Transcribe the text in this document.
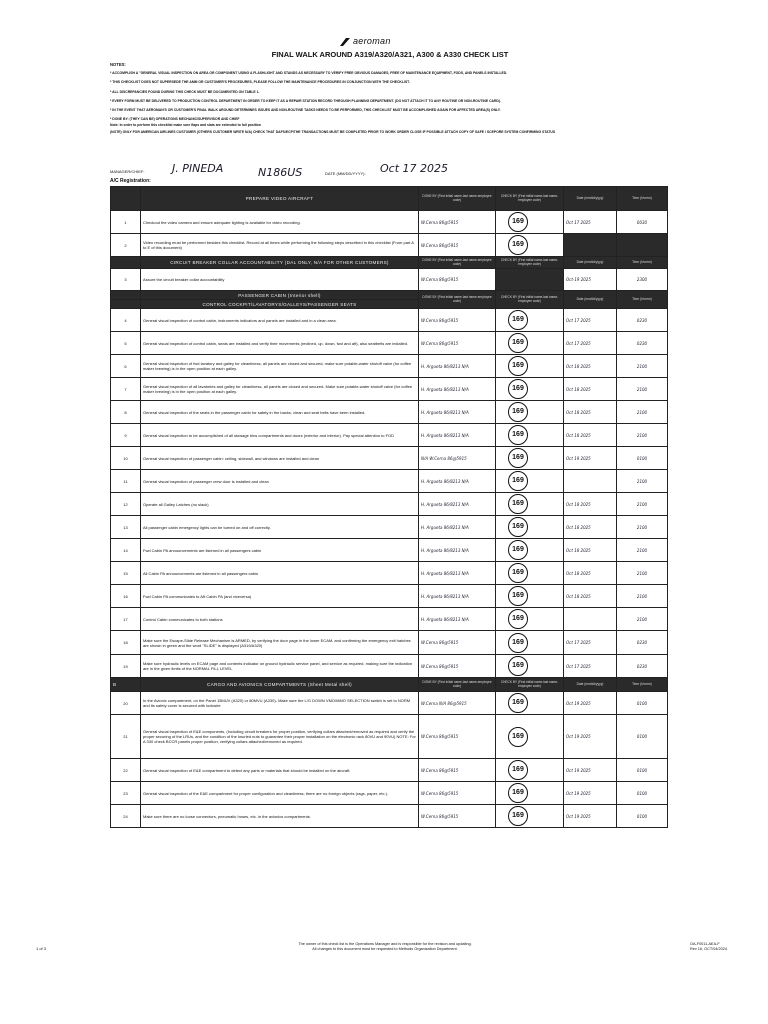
aeroman
FINAL WALK AROUND A319/A320/A321, A300 & A330 CHECK LIST

NOTES:

* ACCOMPLISH A "GENERAL VISUAL INSPECTION ON AREA OR COMPONENT USING A FLASHLIGHT AND STANDS AS NECESSARY TO VERIFY FREE OBVIOUS DAMAGES, FREE OF MAINTENANCE EQUIPMENT, FODS, AND PANELS INSTALLED.

* THIS CHECKLIST DOES NOT SUPERSEDE THE AMM OR CUSTOMER'S PROCEDURES, PLEASE FOLLOW THE MAINTENANCE PROCEDURES IN CONJUNCTION WITH THE CHECKLIST.

* ALL DISCREPANCIES FOUND DURING THIS CHECK MUST BE DOCUMENTED ON TABLE 1.

* EVERY FORM MUST BE DELIVERED TO PRODUCTION CONTROL DEPARTMENT IN ORDER TO KEEP IT AS A REPAIR STATION RECORD THROUGH PLANNING DEPARTMENT. (DO NOT ATTACH IT TO ANY ROUTINE OR NON-ROUTINE CARD).

* IN THE EVENT THAT AEROMAN'S OR CUSTOMER'S FINAL WALK AROUND DETERMINES ISSUES AND NON-ROUTINE TASKS NEEDS TO BE PERFORMED, THIS CHECKLIST MUST BE ACCOMPLISHED AGAIN FOR AFFECTED AREA(S) ONLY.

* DONE BY: (THEY CAN BE) OPERATIONS MECHANIC/SUPERVISOR AND CHIEF

Note: In order to perform this checklist make sure flaps and slats are extended to full position

(NOTE) ONLY FOR AMERICAN AIRLINES CUSTOMER (OTHERS CUSTOMER WRITE N/A) CHECK THAT DAFS/ECP/THE TRANSACTIONS MUST BE COMPLETED PRIOR TO WORK ORDER CLOSE IF POSSIBLE ATTACH COPY OF SAFE / SCEPORE SYSTEM CONFIRMING STATUS

MANAGER/CHIEF:	J. PINEDA	N186US	DATE (MM/DD/YYYY): Oct 17 2025
A/C Registration:
	PREPARE VIDEO AIRCRAFT	DONE BY (First initial name-last name-employee code)	CHECK BY (First initial name-last name-employee code)	Date (mm/dd/yyyy)	Time (hh:mm)
1	Checkout the video camera and ensure adequate lighting is available for video recording.	W.Cerna 86@5915	169	Oct 17 2025	0030
2	Video recording must be performed besides this checklist. Record at all times while performing the following steps described in this checklist (From part A to E of this document)	W.Cerna 86@5915	169		
	CIRCUIT BREAKER COLLAR ACCOUNTABILITY (DAL ONLY, N/A FOR OTHER CUSTOMERS)	DONE BY (First initial name-last name-employee code)	CHECK BY (First initial name-last name-employee code)	Date (mm/dd/yyyy)	Time (hh:mm)
3	Assure the circuit breaker collar accountability	W.Cerna 86@5915		Oct-19 2025	2300
	PASSENGER CABIN (Interior shell)	DONE BY (First initial name-last name-employee code)	CHECK BY (First initial name-last name-employee code)	Date (mm/dd/yyyy)	Time (hh:mm)
	CONTROL COCKPIT/LAVATORYS/GALLEYS/PASSENGER SEATS				
4	General visual inspection of control cabin, instruments indicators and panels are installed and in a clean area.	W.Cerna 86@5915	169	Oct 17 2025	0230
5	General visual inspection of control cabin, seats are installed and verify their movements (reclined, up, down, fwd and aft), also seatbelts are installed.	W.Cerna 86@5915	169	Oct 17 2025	0230
6	General visual inspection of fwd lavatory and galley for cleanliness, all panels are closed and secured, make sure potable-water shutoff valve (for coffee maker brewing) is in the open position at each galley.	H. Argueta 86/8213 N/A	169	Oct 18 2025	2100
7	General visual inspection of all lavatories and galley for cleanliness, all panels are closed and secured. Make sure potable-water shutoff valve (for coffee maker brewing) is in the open position at each galley.	H. Argueta 86/8213 N/A	169	Oct 18 2025	2100
8	General visual inspection of the seats in the passenger cabin for safety in the backs, clean and seat belts have been installed.	H. Argueta 86/8213 N/A	169	Oct 18 2025	2100
9	General visual inspection to be accomplished of all stowage bins compartments and doors (exterior and interior). Pay special attention to FOD	H. Argueta 86/8213 N/A	169	Oct 18 2025	2100
10	General visual inspection of passenger cabin: ceiling, sidewall, and windows are installed and clean	N/A W.Cerna 86@5915	169	Oct 19 2025	0100
11	General visual inspection of passenger crew door is installed and clean	H. Argueta 86/8213 N/A	169		2100
12	Operate all Galley Latches (no slack)	H. Argueta 86/8213 N/A	169	Oct 18 2025	2100
13	All passenger cabin emergency lights can be turned on and off correctly.	H. Argueta 86/8213 N/A	169	Oct 18 2025	2100
14	Fwd Cabin PA announcements are listened in all passengers cabin	H. Argueta 86/8213 N/A	169	Oct 18 2025	2100
15	All Cabin PA announcements are listened in all passengers cabin	H. Argueta 86/8213 N/A	169	Oct 18 2025	2100
16	Fwd Cabin PA communicates to Aft Cabin PA (and viceversa)	H. Argueta 86/8213 N/A	169	Oct 18 2025	2100
17	Control Cabin communicates to both stations	H. Argueta 86/8213 N/A	169		2100
18	Make sure the Escape-Slide Release Mechanism is ARMED, by verifying the door page in the lower ECAM, and confirming the emergency exit hatches are shown in green and the word "SLIDE" is displayed (A319/A320)	W.Cerna 86@5915	169	Oct 17 2025	0230
19	Make sure hydraulic levels on ECAM page and contents indicator on ground hydraulic service panel, and service as required, making sure the indication are in the given limits of the NORMAL FILL LEVEL	W.Cerna 86@5915	169	Oct 17 2025	0230
B	CARGO AND AVIONICS COMPARTMENTS (Sheet Metal shell)	DONE BY (First initial name-last name-employee code)	CHECK BY (First initial name-last name-employee code)	Date (mm/dd/yyyy)	Time (hh:mm)
20	In the Avionic compartment, on the Panel 15MUV (A320) or 80MVU (A330)- Make sure the L/G DOWN VMO/MMO SELECTION switch is set to NORM and its safety cover is secured with lockwire	W.Cerna N/A 86@5915	169	Oct 19 2025	0100
21	General visual inspection of E&E components, (including circuit breakers for proper position, verifying collars attached/removed as required and verify the proper securing of the LRUs, and the condition of the knurled nuts to guarantee their proper installation on the electronic rack 80VU and 90VU) NOTE: For A 330 check BCCR panels proper position, verifying collars attached/removed as required.	W.Cerna 86@5915	169	Oct 19 2025	0100
22	General visual inspection of E&E compartment to detect any parts or materials that should be installed on the aircraft.	W.Cerna 86@5915	169	Oct 19 2025	0100
23	General visual inspection of the E&E compartment for proper configuration and cleanliness; there are no foreign objects (rags, paper, etc.).	W.Cerna 86@5915	169	Oct 19 2025	0100
24	Make sure there are no loose connectors, pneumatic hoses, etc. in the avionics compartments.	W.Cerna 86@5915	169	Oct 19 2025	0100
1 of 3
The owner of this check list is the Operations Manager and is responsible for the revision and updating.
All changes to this document must be requested to Methods Organization Department.
OA-F0011-AEA-F
Rev 16, OCT/04/2024
